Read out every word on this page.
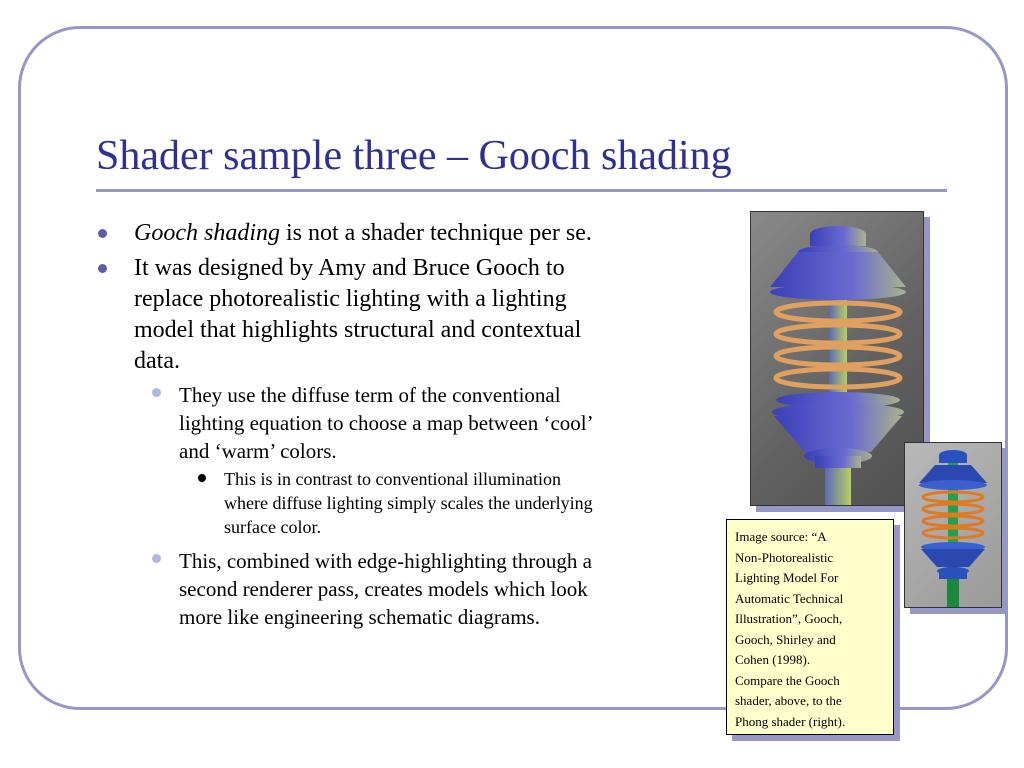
Shader sample three – Gooch shading
Gooch shading is not a shader technique per se.
It was designed by Amy and Bruce Gooch to
replace photorealistic lighting with a lighting
model that highlights structural and contextual
data.
They use the diffuse term of the conventional
lighting equation to choose a map between ‘cool’
and ‘warm’ colors.
This is in contrast to conventional illumination
where diffuse lighting simply scales the underlying
surface color.
This, combined with edge-highlighting through a
second renderer pass, creates models which look
more like engineering schematic diagrams.
Image source: “A
Non-Photorealistic
Lighting Model For
Automatic Technical
Illustration”, Gooch,
Gooch, Shirley and
Cohen (1998).
Compare the Gooch
shader, above, to the
Phong shader (right).
